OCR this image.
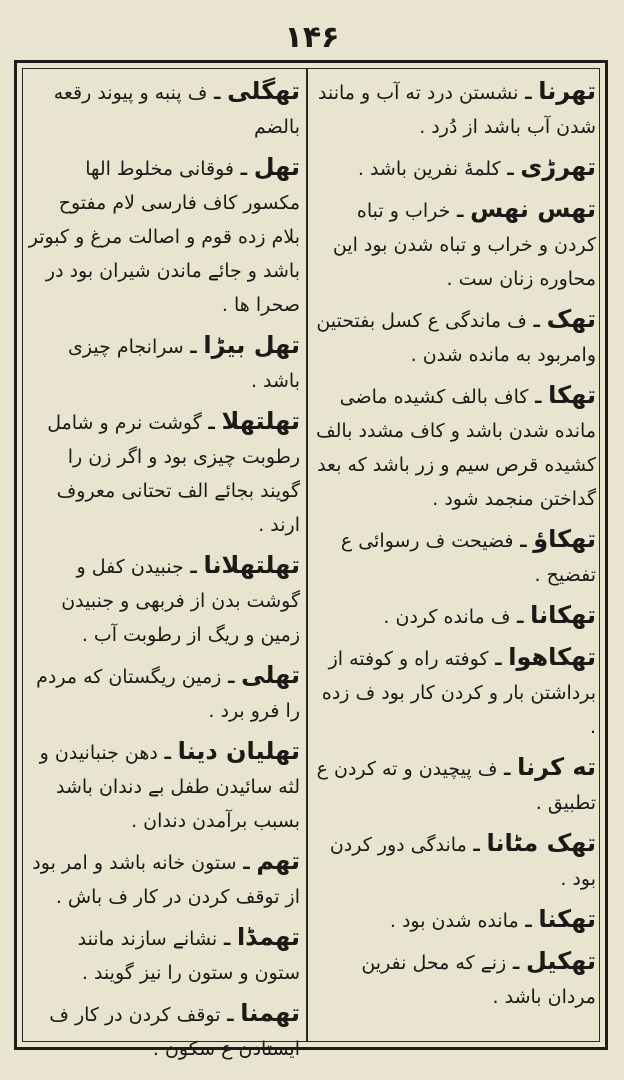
۱۴۶
تھرنا ـ نشستن درد ته آب و مانند شدن آب باشد از دُرد .
تھرڑی ـ کلمهٔ نفرین باشد .
تهس نهس ـ خراب و تباه کردن و خراب و تباه شدن بود این محاوره زنان ست .
تھک ـ ف ماندگی ع کسل بفتحتین وامربود به مانده شدن .
تھکا ـ کاف بالف کشیده ماضی مانده شدن باشد و کاف مشدد بالف کشیده قرص سیم و زر باشد که بعد گداختن منجمد شود .
تھکاؤ ـ فضیحت ف رسوائی ع تفضیح .
تھکانا ـ ف مانده کردن .
تھکاهوا ـ کوفته راه و کوفته از برداشتن بار و کردن کار بود ف زده .
ته کرنا ـ ف پیچیدن و ته کردن ع تطبیق .
تھک مٹانا ـ ماندگی دور کردن بود .
تھکنا ـ مانده شدن بود .
تھکیل ـ زنے که محل نفرین مردان باشد .
تھگلی ـ ف پنبه و پیوند رقعه بالضم
تھل ـ فوقانی مخلوط الها مکسور کاف فارسی لام مفتوح بلام زده قوم و اصالت مرغ و کبوتر باشد و جائے ماندن شیران بود در صحرا ها .
تھل بیڑا ـ سرانجام چیزی باشد .
تھلتھلا ـ گوشت نرم و شامل رطوبت چیزی بود و اگر زن را گویند بجائے الف تحتانی معروف ارند .
تھلتھلانا ـ جنبیدن کفل و گوشت بدن از فربهی و جنبیدن زمین و ریگ از رطوبت آب .
تھلی ـ زمین ریگستان که مردم را فرو برد .
تھلیان دینا ـ دهن جنبانیدن و لثه سائیدن طفل بے دندان باشد بسبب برآمدن دندان .
تھم ـ ستون خانه باشد و امر بود از توقف کردن در کار ف باش .
تھمڈا ـ نشانے سازند مانند ستون و ستون را نیز گویند .
تھمنا ـ توقف کردن در کار ف ایستادن ع سکون .
